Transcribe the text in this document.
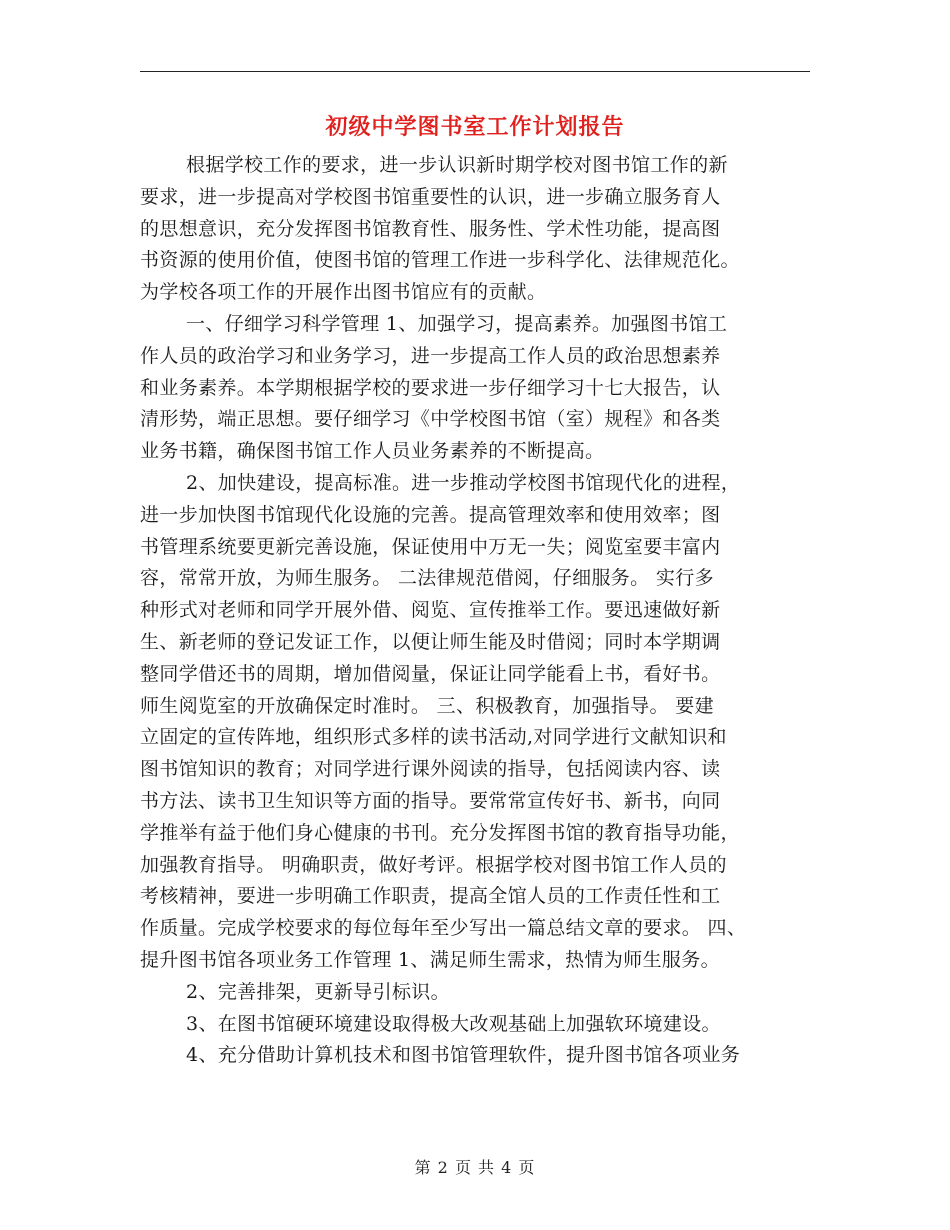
初级中学图书室工作计划报告
根据学校工作的要求，进一步认识新时期学校对图书馆工作的新
要求，进一步提高对学校图书馆重要性的认识，进一步确立服务育人
的思想意识，充分发挥图书馆教育性、服务性、学术性功能，提高图
书资源的使用价值，使图书馆的管理工作进一步科学化、法律规范化。
为学校各项工作的开展作出图书馆应有的贡献。
一、仔细学习科学管理 1、加强学习，提高素养。加强图书馆工
作人员的政治学习和业务学习，进一步提高工作人员的政治思想素养
和业务素养。本学期根据学校的要求进一步仔细学习十七大报告，认
清形势，端正思想。要仔细学习《中学校图书馆（室）规程》和各类
业务书籍，确保图书馆工作人员业务素养的不断提高。
2、加快建设，提高标准。进一步推动学校图书馆现代化的进程，
进一步加快图书馆现代化设施的完善。提高管理效率和使用效率；图
书管理系统要更新完善设施，保证使用中万无一失；阅览室要丰富内
容，常常开放，为师生服务。 二法律规范借阅，仔细服务。 实行多
种形式对老师和同学开展外借、阅览、宣传推举工作。要迅速做好新
生、新老师的登记发证工作，以便让师生能及时借阅；同时本学期调
整同学借还书的周期，增加借阅量，保证让同学能看上书，看好书。
师生阅览室的开放确保定时准时。 三、积极教育，加强指导。 要建
立固定的宣传阵地，组织形式多样的读书活动,对同学进行文献知识和
图书馆知识的教育；对同学进行课外阅读的指导，包括阅读内容、读
书方法、读书卫生知识等方面的指导。要常常宣传好书、新书，向同
学推举有益于他们身心健康的书刊。充分发挥图书馆的教育指导功能，
加强教育指导。 明确职责，做好考评。根据学校对图书馆工作人员的
考核精神，要进一步明确工作职责，提高全馆人员的工作责任性和工
作质量。完成学校要求的每位每年至少写出一篇总结文章的要求。 四、
提升图书馆各项业务工作管理 1、满足师生需求，热情为师生服务。
2、完善排架，更新导引标识。
3、在图书馆硬环境建设取得极大改观基础上加强软环境建设。
4、充分借助计算机技术和图书馆管理软件，提升图书馆各项业务
第 2 页 共 4 页
